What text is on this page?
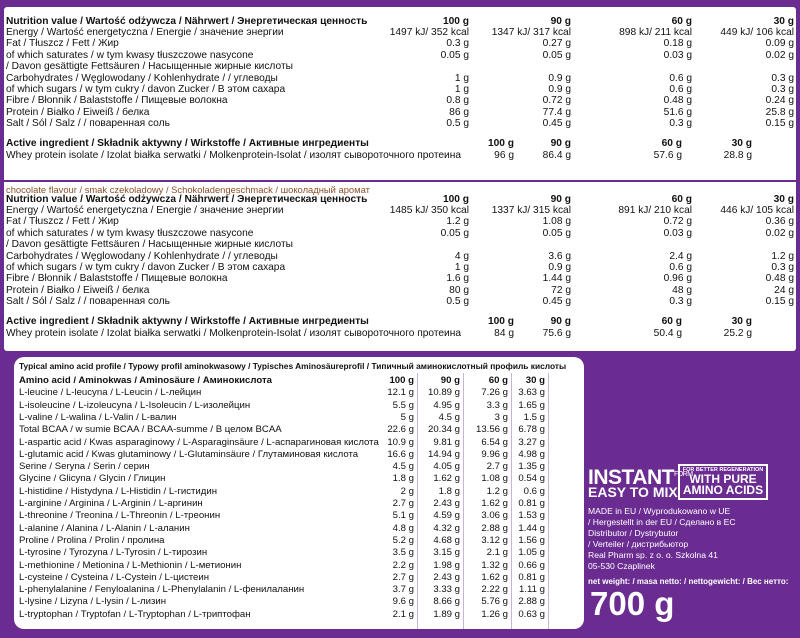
Nutrition value / Wartość odżywcza / Nährwert / Энергетическая ценность	100 g	90 g	60 g	30 g
Energy / Wartość energetyczna / Energie / значение энергии	1497 kJ/ 352 kcal	1347 kJ/ 317 kcal	898 kJ/ 211 kcal	449 kJ/ 106 kcal
Fat / Tłuszcz / Fett / Жир	0.3 g	0.27 g	0.18 g	0.09 g
of which saturates / w tym kwasy tłuszczowe nasycone	0.05 g	0.05 g	0.03 g	0.02 g
/ Davon gesättigte Fettsäuren / Насыщенные жирные кислоты
Carbohydrates / Węglowodany / Kohlenhydrate / / углеводы	1 g	0.9 g	0.6 g	0.3 g
of which sugars / w tym cukry / davon Zucker / В этом сахара	1 g	0.9 g	0.6 g	0.3 g
Fibre / Błonnik / Balaststoffe / Пищевые волокна	0.8 g	0.72 g	0.48 g	0.24 g
Protein / Białko / Eiweiß / белка	86 g	77.4 g	51.6 g	25.8 g
Salt / Sól / Salz / / поваренная соль	0.5 g	0.45 g	0.3 g	0.15 g
Active ingredient / Składnik aktywny / Wirkstoffe / Активные ингредиенты	100 g	90 g	60 g	30 g
Whey protein isolate / Izolat białka serwatki / Molkenprotein-Isolat / изолят сывороточного протеина	96 g	86.4 g	57.6 g	28.8 g
chocolate flavour / smak czekoladowy / Schokoladengeschmack / шоколадный аромат
Nutrition value / Wartość odżywcza / Nährwert / Энергетическая ценность	100 g	90 g	60 g	30 g
Energy / Wartość energetyczna / Energie / значение энергии	1485 kJ/ 350 kcal	1337 kJ/ 315 kcal	891 kJ/ 210 kcal	446 kJ/ 105 kcal
Fat / Tłuszcz / Fett / Жир	1.2 g	1.08 g	0.72 g	0.36 g
of which saturates / w tym kwasy tłuszczowe nasycone	0.05 g	0.05 g	0.03 g	0.02 g
/ Davon gesättigte Fettsäuren / Насыщенные жирные кислоты
Carbohydrates / Węglowodany / Kohlenhydrate / / углеводы	4 g	3.6 g	2.4 g	1.2 g
of which sugars / w tym cukry / davon Zucker / В этом сахара	1 g	0.9 g	0.6 g	0.3 g
Fibre / Błonnik / Balaststoffe / Пищевые волокна	1.6 g	1.44 g	0.96 g	0.48 g
Protein / Białko / Eiweiß / белка	80 g	72 g	48 g	24 g
Salt / Sól / Salz / / поваренная соль	0.5 g	0.45 g	0.3 g	0.15 g
Active ingredient / Składnik aktywny / Wirkstoffe / Активные ингредиенты	100 g	90 g	60 g	30 g
Whey protein isolate / Izolat białka serwatki / Molkenprotein-Isolat / изолят сывороточного протеина	84 g	75.6 g	50.4 g	25.2 g
Typical amino acid profile / Typowy profil aminokwasowy / Typisches Aminosäureprofil / Типичный аминокислотный профиль кислоты
Amino acid / Aminokwas / Aminosäure / Аминокислота	100 g	90 g	60 g	30 g
L-leucine / L-leucyna / L-Leucin / L-лейцин	12.1 g	10.89 g	7.26 g	3.63 g
L-isoleucine / L-izoleucyna / L-Isoleucin / L-изолейцин	5.5 g	4.95 g	3.3 g	1.65 g
L-valine / L-walina / L-Valin / L-валин	5 g	4.5 g	3 g	1.5 g
Total BCAA / w sumie BCAA / BCAA-summe / В целом BCAA	22.6 g	20.34 g	13.56 g	6.78 g
L-aspartic acid / Kwas asparaginowy / L-Asparaginsäure / L-аспарагиновая кислота 10.9 g	9.81 g	6.54 g	3.27 g
L-glutamic acid / Kwas glutaminowy / L-Glutaminsäure / Глутаминовая кислота	16.6 g	14.94 g	9.96 g	4.98 g
Serine / Seryna / Serin / серин	4.5 g	4.05 g	2.7 g	1.35 g
Glycine / Glicyna / Glycin / Глицин	1.8 g	1.62 g	1.08 g	0.54 g
L-histidine / Histydyna / L-Histidin / L-гистидин	2 g	1.8 g	1.2 g	0.6 g
L-arginine / Arginina / L-Arginin / L-аргинин	2.7 g	2.43 g	1.62 g	0.81 g
L-threonine / Treonina / L-Threonin / L-треонин	5.1 g	4.59 g	3.06 g	1.53 g
L-alanine / Alanina / L-Alanin / L-аланин	4.8 g	4.32 g	2.88 g	1.44 g
Proline / Prolina / Prolin / пролина	5.2 g	4.68 g	3.12 g	1.56 g
L-tyrosine / Tyrozyna / L-Tyrosin / L-тирозин	3.5 g	3.15 g	2.1 g	1.05 g
L-methionine / Metionina / L-Methionin / L-метионин	2.2 g	1.98 g	1.32 g	0.66 g
L-cysteine / Cysteina / L-Cystein / L-цистеин	2.7 g	2.43 g	1.62 g	0.81 g
L-phenylalanine / Fenyloalanina / L-Phenylalanin / L-фенилаланин	3.7 g	3.33 g	2.22 g	1.11 g
L-lysine / Lizyna / L-lysin / L-лизин	9.6 g	8.66 g	5.76 g	2.88 g
L-tryptophan / Tryptofan / L-Tryptophan / L-триптофан	2.1 g	1.89 g	1.26 g	0.63 g
$INSTANT^{FORM}$
EASY TO MIX
FOR BETTER REGENERATION
WITH PURE AMINO ACIDS
MADE in EU / Wyprodukowano w UE
/ Hergestellt in der EU / Сделано в ЕС
Distributor / Dystrybutor
/ Verteiler / дистрибьютор
Real Pharm sp. z o. o. Szkolna 41
05-530 Czaplinek
net weight: / masa netto: / nettogewicht: / Вес нетто:
700 g
